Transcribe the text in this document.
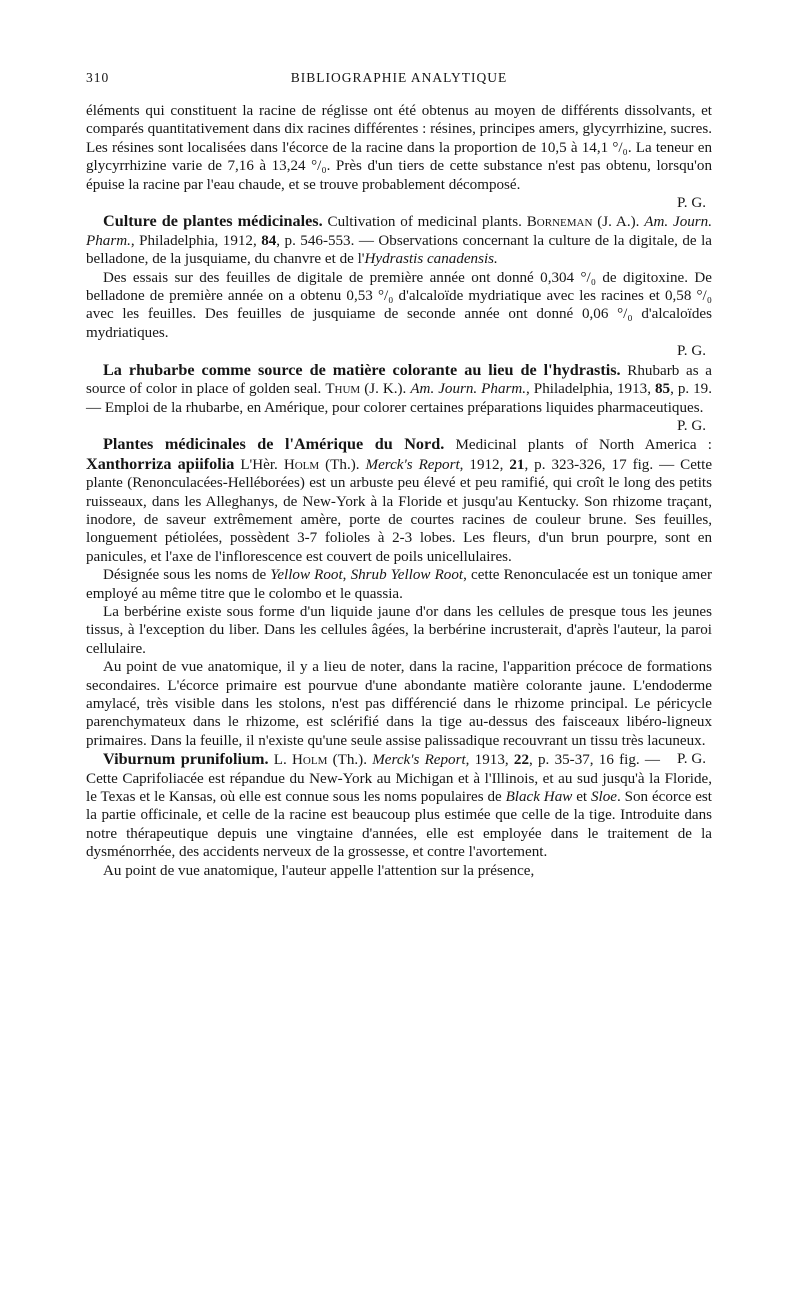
310	BIBLIOGRAPHIE ANALYTIQUE

éléments qui constituent la racine de réglisse ont été obtenus au moyen de différents dissolvants, et comparés quantitativement dans dix racines différentes : résines, principes amers, glycyrrhizine, sucres. Les résines sont localisées dans l'écorce de la racine dans la proportion de 10,5 à 14,1 °/₀. La teneur en glycyrrhizine varie de 7,16 à 13,24 °/₀. Près d'un tiers de cette substance n'est pas obtenu, lorsqu'on épuise la racine par l'eau chaude, et se trouve probablement décomposé.

P. G.

Culture de plantes médicinales. Cultivation of medicinal plants. Borneman (J. A.). Am. Journ. Pharm., Philadelphia, 1912, 84, p. 546-553. — Observations concernant la culture de la digitale, de la belladone, de la jusquiame, du chanvre et de l'Hydrastis canadensis.

Des essais sur des feuilles de digitale de première année ont donné 0,304 °/₀ de digitoxine. De belladone de première année on a obtenu 0,53 °/₀ d'alcaloïde mydriatique avec les racines et 0,58 °/₀ avec les feuilles. Des feuilles de jusquiame de seconde année ont donné 0,06 °/₀ d'alcaloïdes mydriatiques.

P. G.

La rhubarbe comme source de matière colorante au lieu de l'hydrastis. Rhubarb as a source of color in place of golden seal. Thum (J. K.). Am. Journ. Pharm., Philadelphia, 1913, 85, p. 19. — Emploi de la rhubarbe, en Amérique, pour colorer certaines préparations liquides pharmaceutiques.

P. G.

Plantes médicinales de l'Amérique du Nord. Medicinal plants of North America : Xanthorriza apiifolia L'Hèr. Holm (Th.). Merck's Report, 1912, 21, p. 323-326, 17 fig. — Cette plante (Renonculacées-Helléborées) est un arbuste peu élevé et peu ramifié, qui croît le long des petits ruisseaux, dans les Alleghanys, de New-York à la Floride et jusqu'au Kentucky. Son rhizome traçant, inodore, de saveur extrêmement amère, porte de courtes racines de couleur brune. Ses feuilles, longuement pétiolées, possèdent 3-7 folioles à 2-3 lobes. Les fleurs, d'un brun pourpre, sont en panicules, et l'axe de l'inflorescence est couvert de poils unicellulaires.

Désignée sous les noms de Yellow Root, Shrub Yellow Root, cette Renonculacée est un tonique amer employé au même titre que le colombo et le quassia.

La berbérine existe sous forme d'un liquide jaune d'or dans les cellules de presque tous les jeunes tissus, à l'exception du liber. Dans les cellules âgées, la berbérine incrusterait, d'après l'auteur, la paroi cellulaire.

Au point de vue anatomique, il y a lieu de noter, dans la racine, l'apparition précoce de formations secondaires. L'écorce primaire est pourvue d'une abondante matière colorante jaune. L'endoderme amylacé, très visible dans les stolons, n'est pas différencié dans le rhizome principal. Le péricycle parenchymateux dans le rhizome, est sclérifié dans la tige au-dessus des faisceaux libéro-ligneux primaires. Dans la feuille, il n'existe qu'une seule assise palissadique recouvrant un tissu très lacuneux.
P. G.

Viburnum prunifolium. L. Holm (Th.). Merck's Report, 1913, 22, p. 35-37, 16 fig. — Cette Caprifoliacée est répandue du New-York au Michigan et à l'Illinois, et au sud jusqu'à la Floride, le Texas et le Kansas, où elle est connue sous les noms populaires de Black Haw et Sloe. Son écorce est la partie officinale, et celle de la racine est beaucoup plus estimée que celle de la tige. Introduite dans notre thérapeutique depuis une vingtaine d'années, elle est employée dans le traitement de la dysménorrhée, des accidents nerveux de la grossesse, et contre l'avortement.

Au point de vue anatomique, l'auteur appelle l'attention sur la présence,
